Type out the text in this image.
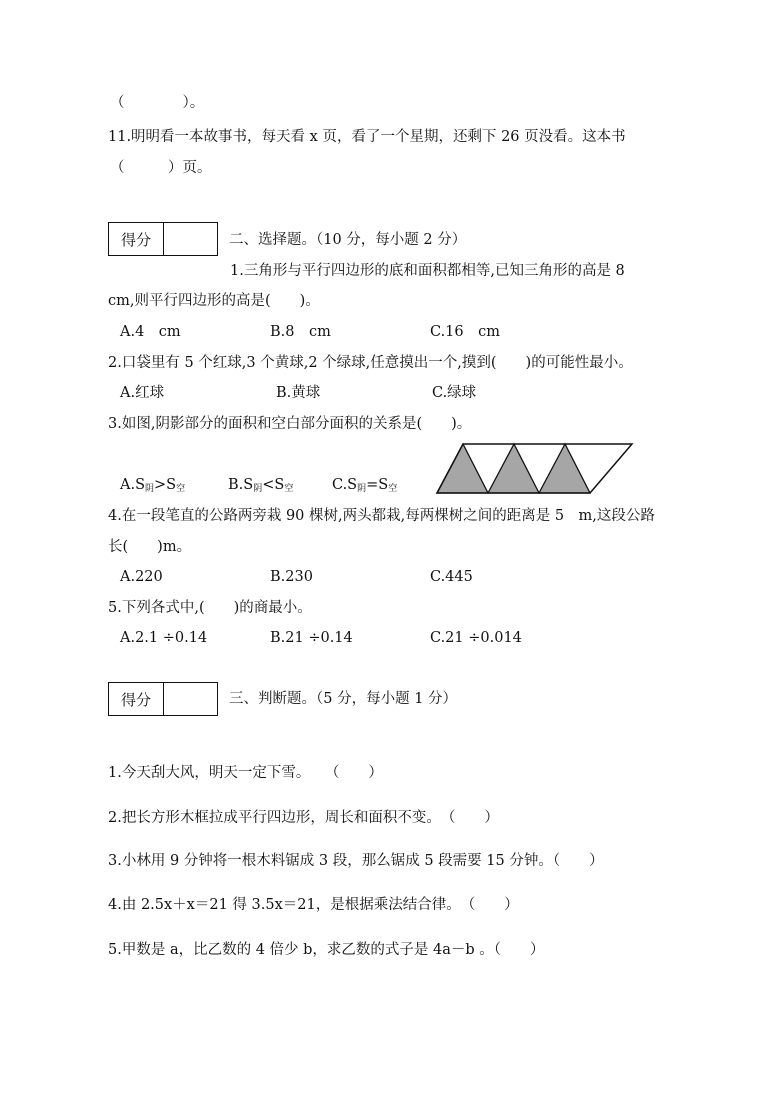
（　　　　）。
11.明明看一本故事书，每天看 x 页，看了一个星期，还剩下 26 页没看。这本书
（　　　）页。
得分	二、选择题。（10 分，每小题 2 分）
1.三角形与平行四边形的底和面积都相等,已知三角形的高是 8
cm,则平行四边形的高是(　　)。
A.4　cm	B.8　cm	C.16　cm
2.口袋里有 5 个红球,3 个黄球,2 个绿球,任意摸出一个,摸到(　　)的可能性最小。
A.红球	B.黄球	C.绿球
3.如图,阴影部分的面积和空白部分面积的关系是(　　)。
$A.S_阴>S_空$	$B.S_阴<S_空$	$C.S_阴=S_空$
4.在一段笔直的公路两旁栽 90 棵树,两头都栽,每两棵树之间的距离是 5　m,这段公路
长(　　)m。
A.220	B.230	C.445
5.下列各式中,(　　)的商最小。
A.2.1 ÷0.14	B.21 ÷0.14	C.21 ÷0.014
得分	三、判断题。（5 分，每小题 1 分）
1.今天刮大风，明天一定下雪。　　（　　）
2.把长方形木框拉成平行四边形，周长和面积不变。　（　　）
3.小林用 9 分钟将一根木料锯成 3 段，那么锯成 5 段需要 15 分钟。（　　）
4.由 2.5x＋x＝21 得 3.5x＝21，是根据乘法结合律。　（　　）
5.甲数是 a，比乙数的 4 倍少 b，求乙数的式子是 4a－b 。（　　）
